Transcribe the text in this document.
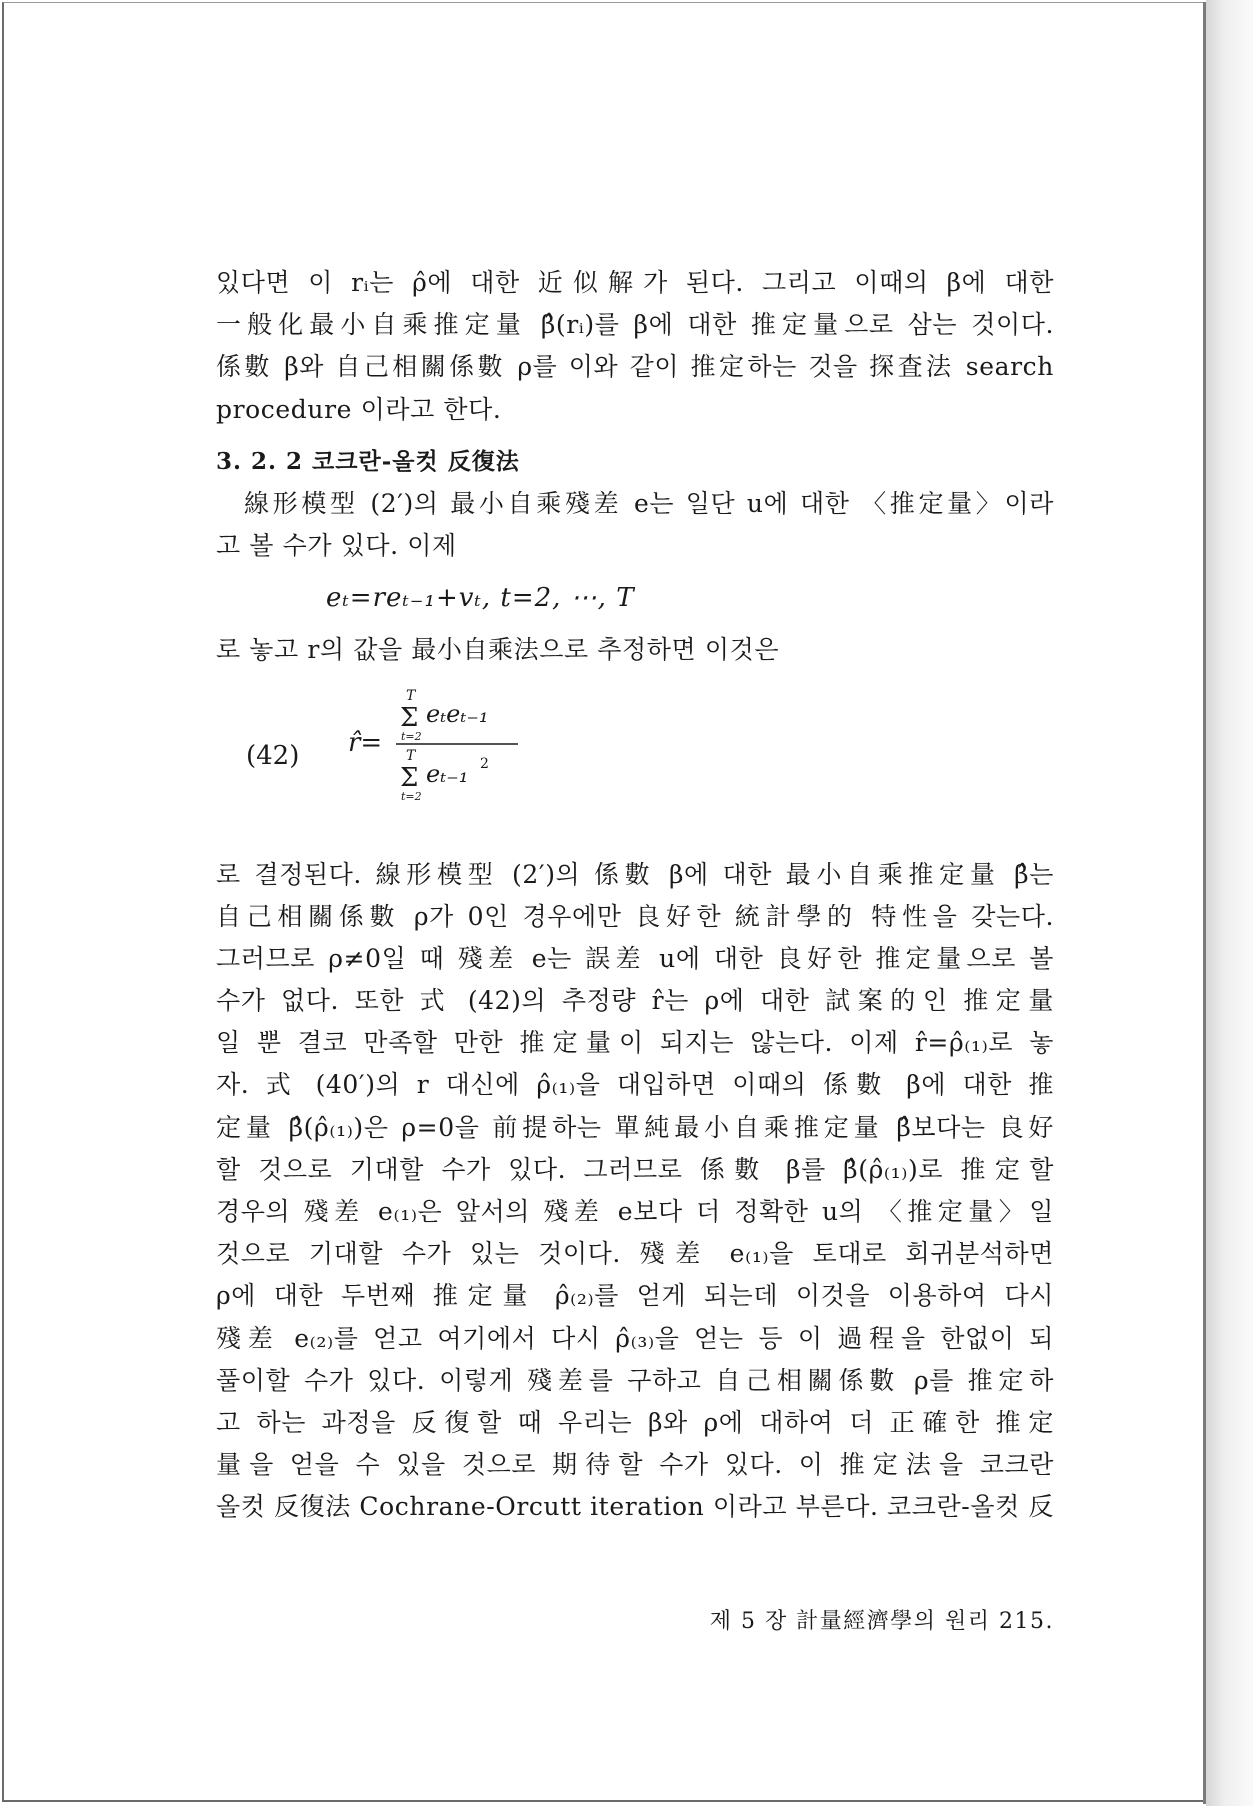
있다면 이 rᵢ는 ρ̂에 대한 近似解가 된다. 그리고 이때의 β에 대한
一般化最小自乘推定量 β̂(rᵢ)를 β에 대한 推定量으로 삼는 것이다.
係數 β와 自己相關係數 ρ를 이와 같이 推定하는 것을 探査法 search
procedure 이라고 한다.
3. 2. 2 코크란-올컷 反復法
線形模型 (2′)의 最小自乘殘差 e는 일단 u에 대한 〈推定量〉이라
고 볼 수가 있다. 이제
eₜ=reₜ₋₁+vₜ, t=2, ⋯, T
로 놓고 r의 값을 最小自乘法으로 추정하면 이것은
(42) r̂=
T
Σ
t=2
eₜeₜ₋₁
T
Σ
t=2
eₜ₋₁ 2
로 결정된다. 線形模型 (2′)의 係數 β에 대한 最小自乘推定量 β̂는
自己相關係數 ρ가 0인 경우에만 良好한 統計學的 特性을 갖는다.
그러므로 ρ≠0일 때 殘差 e는 誤差 u에 대한 良好한 推定量으로 볼
수가 없다. 또한 式 (42)의 추정량 r̂는 ρ에 대한 試案的인 推定量
일 뿐 결코 만족할 만한 推定量이 되지는 않는다. 이제 r̂=ρ̂₍₁₎로 놓
자. 式 (40′)의 r 대신에 ρ̂₍₁₎을 대입하면 이때의 係數 β에 대한 推
定量 β̂(ρ̂₍₁₎)은 ρ=0을 前提하는 單純最小自乘推定量 β̂보다는 良好
할 것으로 기대할 수가 있다. 그러므로 係數 β를 β̂(ρ̂₍₁₎)로 推定할
경우의 殘差 e₍₁₎은 앞서의 殘差 e보다 더 정확한 u의 〈推定量〉일
것으로 기대할 수가 있는 것이다. 殘差 e₍₁₎을 토대로 회귀분석하면
ρ에 대한 두번째 推定量 ρ̂₍₂₎를 얻게 되는데 이것을 이용하여 다시
殘差 e₍₂₎를 얻고 여기에서 다시 ρ̂₍₃₎을 얻는 등 이 過程을 한없이 되
풀이할 수가 있다. 이렇게 殘差를 구하고 自己相關係數 ρ를 推定하
고 하는 과정을 反復할 때 우리는 β와 ρ에 대하여 더 正確한 推定
量을 얻을 수 있을 것으로 期待할 수가 있다. 이 推定法을 코크란
올컷 反復法 Cochrane-Orcutt iteration 이라고 부른다. 코크란-올컷 反
제 5 장 計量經濟學의 원리 215.
